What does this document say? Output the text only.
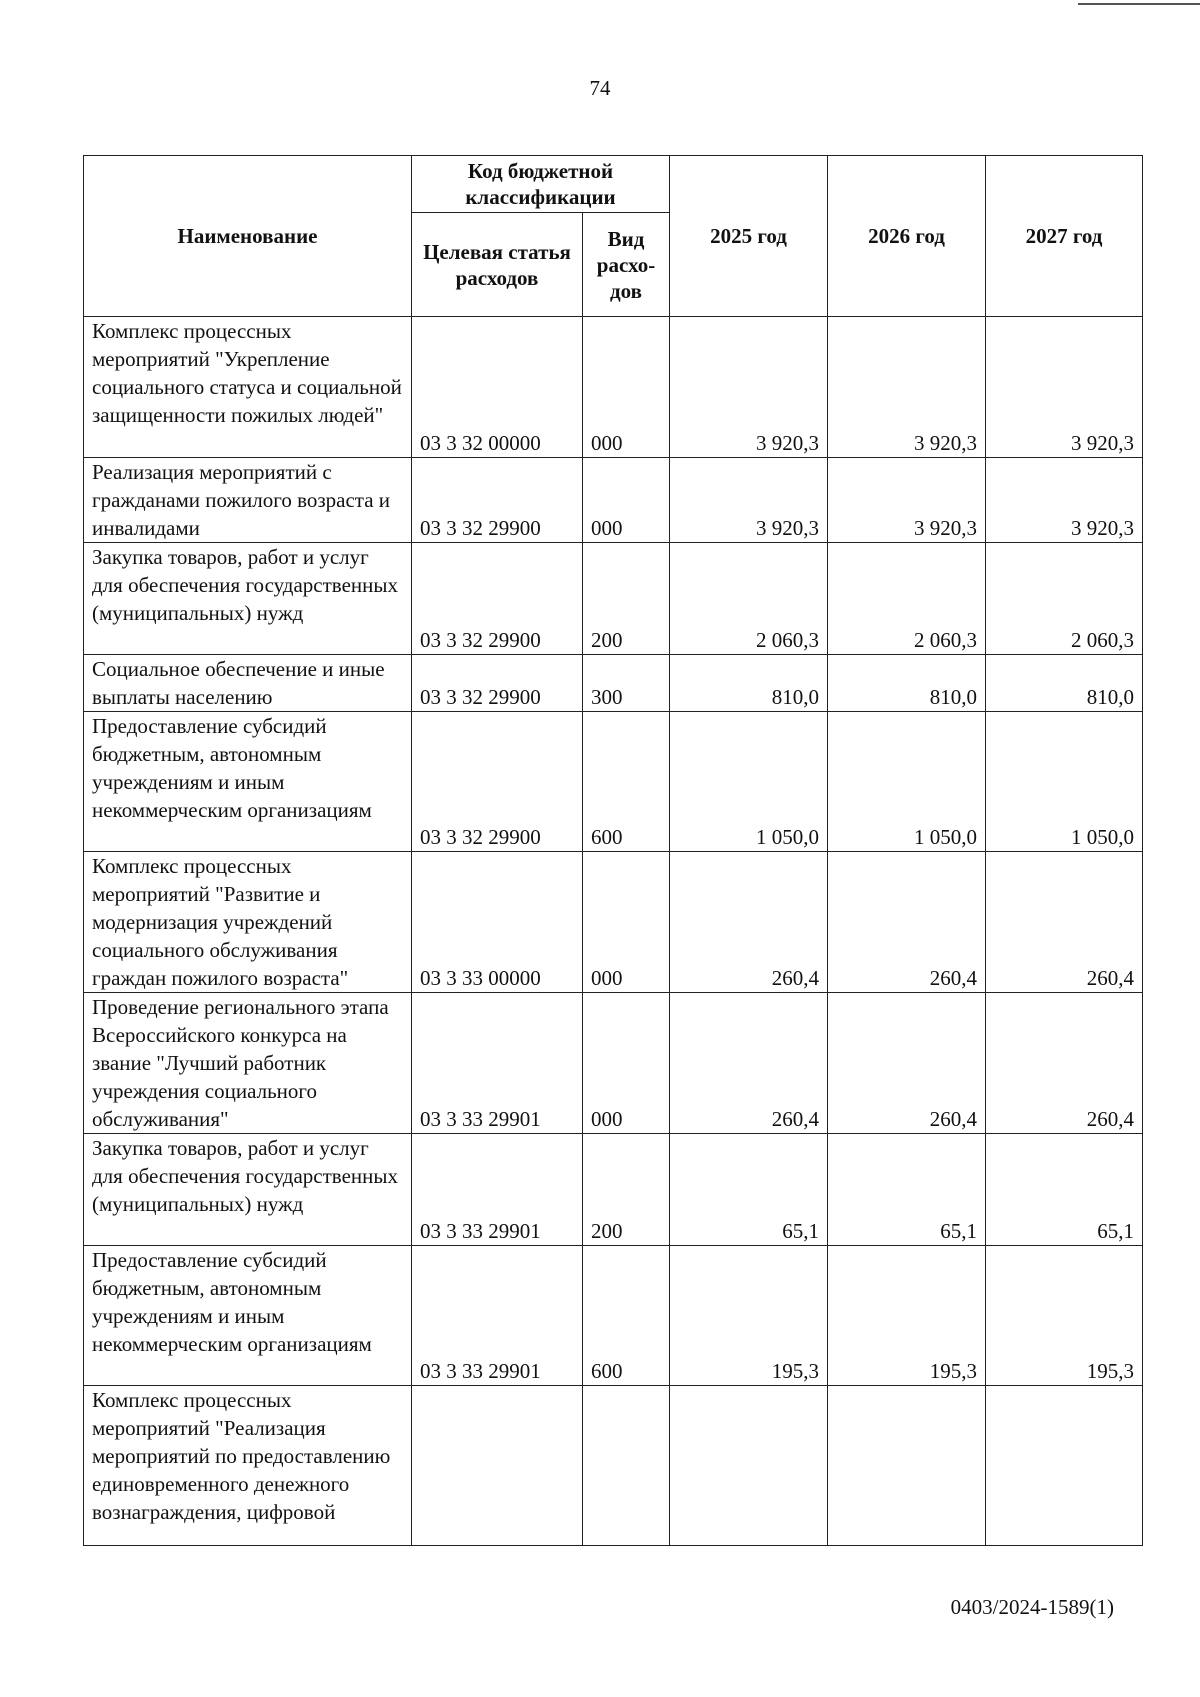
74
Наименование	Код бюджетной классификации		2025 год	2026 год	2027 год
	Целевая статья расходов	Вид расхо-дов			
Комплекс процессных мероприятий "Укрепление социального статуса и социальной защищенности пожилых людей"	03 3 32 00000	000	3 920,3	3 920,3	3 920,3
Реализация мероприятий с гражданами пожилого возраста и инвалидами	03 3 32 29900	000	3 920,3	3 920,3	3 920,3
Закупка товаров, работ и услуг для обеспечения государственных (муниципальных) нужд	03 3 32 29900	200	2 060,3	2 060,3	2 060,3
Социальное обеспечение и иные выплаты населению	03 3 32 29900	300	810,0	810,0	810,0
Предоставление субсидий бюджетным, автономным учреждениям и иным некоммерческим организациям	03 3 32 29900	600	1 050,0	1 050,0	1 050,0
Комплекс процессных мероприятий "Развитие и модернизация учреждений социального обслуживания граждан пожилого возраста"	03 3 33 00000	000	260,4	260,4	260,4
Проведение регионального этапа Всероссийского конкурса на звание "Лучший работник учреждения социального обслуживания"	03 3 33 29901	000	260,4	260,4	260,4
Закупка товаров, работ и услуг для обеспечения государственных (муниципальных) нужд	03 3 33 29901	200	65,1	65,1	65,1
Предоставление субсидий бюджетным, автономным учреждениям и иным некоммерческим организациям	03 3 33 29901	600	195,3	195,3	195,3
Комплекс процессных мероприятий "Реализация мероприятий по предоставлению единовременного денежного вознаграждения, цифровой					
0403/2024-1589(1)
